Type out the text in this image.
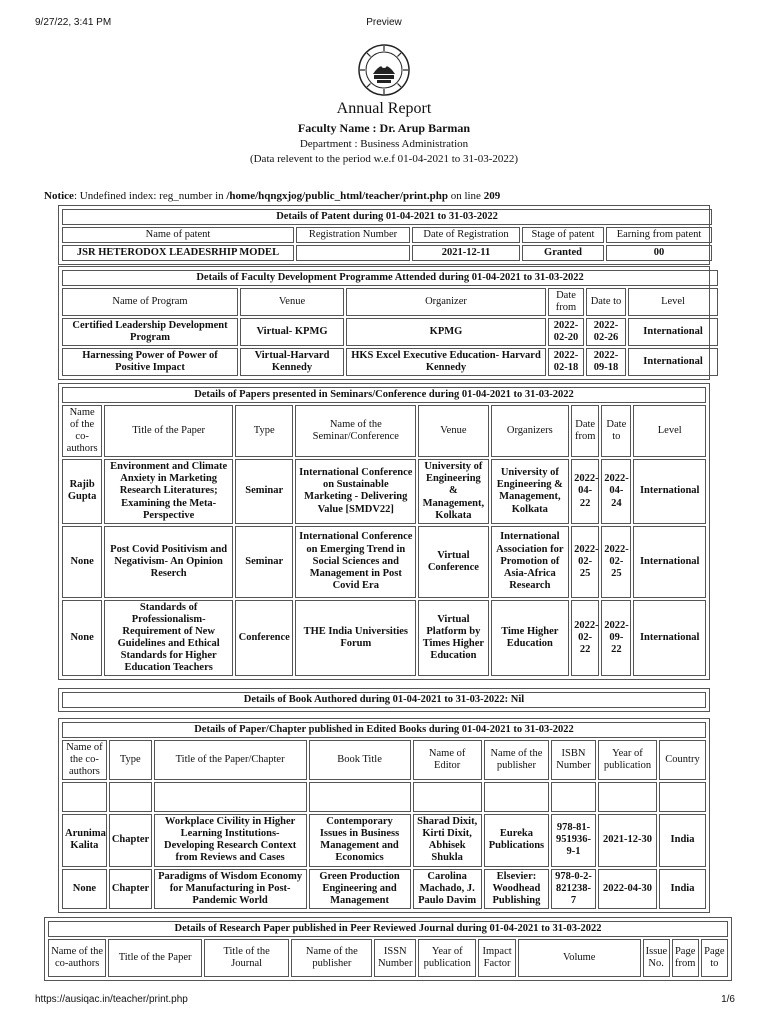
9/27/22, 3:41 PM	Preview
Annual Report
Faculty Name : Dr. Arup Barman
Department : Business Administration
(Data relevent to the period w.e.f 01-04-2021 to 31-03-2022)
Notice: Undefined index: reg_number in /home/hqngxjog/public_html/teacher/print.php on line 209
Details of Patent during 01-04-2021 to 31-03-2022				
Name of patent	Registration Number	Date of Registration	Stage of patent	Earning from patent
JSR HETERODOX LEADESRHIP MODEL		2021-12-11	Granted	00
Details of Faculty Development Programme Attended during 01-04-2021 to 31-03-2022					
Name of Program	Venue	Organizer	Date from	Date to	Level
Certified Leadership Development Program	Virtual- KPMG	KPMG	2022-02-20	2022-02-26	International
Harnessing Power of Power of Positive Impact	Virtual-Harvard Kennedy	HKS Excel Executive Education- Harvard Kennedy	2022-02-18	2022-09-18	International
Details of Papers presented in Seminars/Conference during 01-04-2021 to 31-03-2022								
Name of the co-authors	Title of the Paper	Type	Name of the Seminar/Conference	Venue	Organizers	Date from	Date to	Level
Rajib Gupta	Environment and Climate Anxiety in Marketing Research Literatures; Examining the Meta-Perspective	Seminar	International Conference on Sustainable Marketing - Delivering Value [SMDV22]	University of Engineering & Management, Kolkata	University of Engineering & Management, Kolkata	2022-04-22	2022-04-24	International
None	Post Covid Positivism and Negativism- An Opinion Reserch	Seminar	International Conference on Emerging Trend in Social Sciences and Management in Post Covid Era	Virtual Conference	International Association for Promotion of Asia-Africa Research	2022-02-25	2022-02-25	International
None	Standards of Professionalism- Requirement of New Guidelines and Ethical Standards for Higher Education Teachers	Conference	THE India Universities Forum	Virtual Platform by Times Higher Education	Time Higher Education	2022-02-22	2022-09-22	International
Details of Book Authored during 01-04-2021 to 31-03-2022: Nil
Details of Paper/Chapter published in Edited Books during 01-04-2021 to 31-03-2022								
Name of the co-authors	Type	Title of the Paper/Chapter	Book Title	Name of Editor	Name of the publisher	ISBN Number	Year of publication	Country

Arunima Kalita	Chapter	Workplace Civility in Higher Learning Institutions- Developing Research Context from Reviews and Cases	Contemporary Issues in Business Management and Economics	Sharad Dixit, Kirti Dixit, Abhisek Shukla	Eureka Publications	978-81-951936-9-1	2021-12-30	India
None	Chapter	Paradigms of Wisdom Economy for Manufacturing in Post-Pandemic World	Green Production Engineering and Management	Carolina Machado, J. Paulo Davim	Elsevier: Woodhead Publishing	978-0-2-821238-7	2022-04-30	India
Details of Research Paper published in Peer Reviewed Journal during 01-04-2021 to 31-03-2022
Name of the co-authors	Title of the Paper	Title of the Journal	Name of the publisher	ISSN Number	Year of publication	Impact Factor	Volume	Issue No.	Page from	Page to
https://ausiqac.in/teacher/print.php	1/6
